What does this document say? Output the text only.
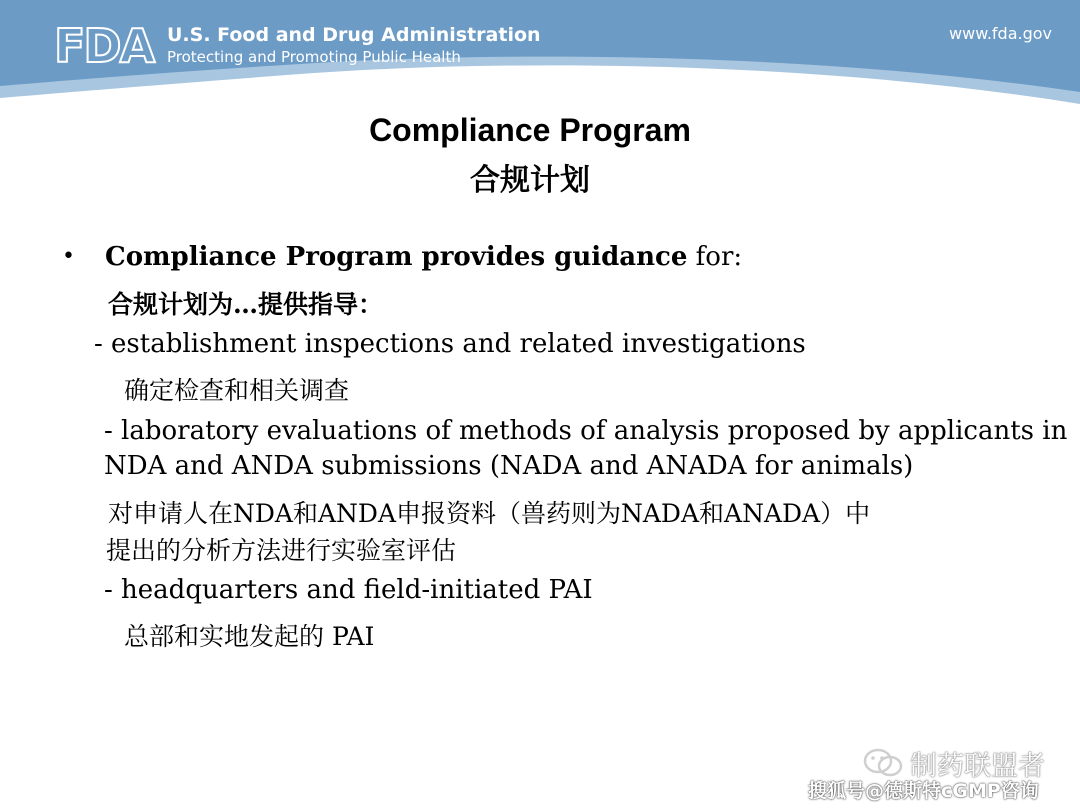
FDA U.S. Food and Drug Administration
Protecting and Promoting Public Health
www.fda.gov
Compliance Program
合规计划
• Compliance Program provides guidance for:
合规计划为…提供指导：
- establishment inspections and related investigations
确定检查和相关调查
- laboratory evaluations of methods of analysis proposed by applicants in
NDA and ANDA submissions (NADA and ANADA for animals)
对申请人在NDA和ANDA申报资料（兽药则为NADA和ANADA）中
提出的分析方法进行实验室评估
- headquarters and field-initiated PAI
总部和实地发起的 PAI
制药联盟者
搜狐号@德斯特cGMP咨询
